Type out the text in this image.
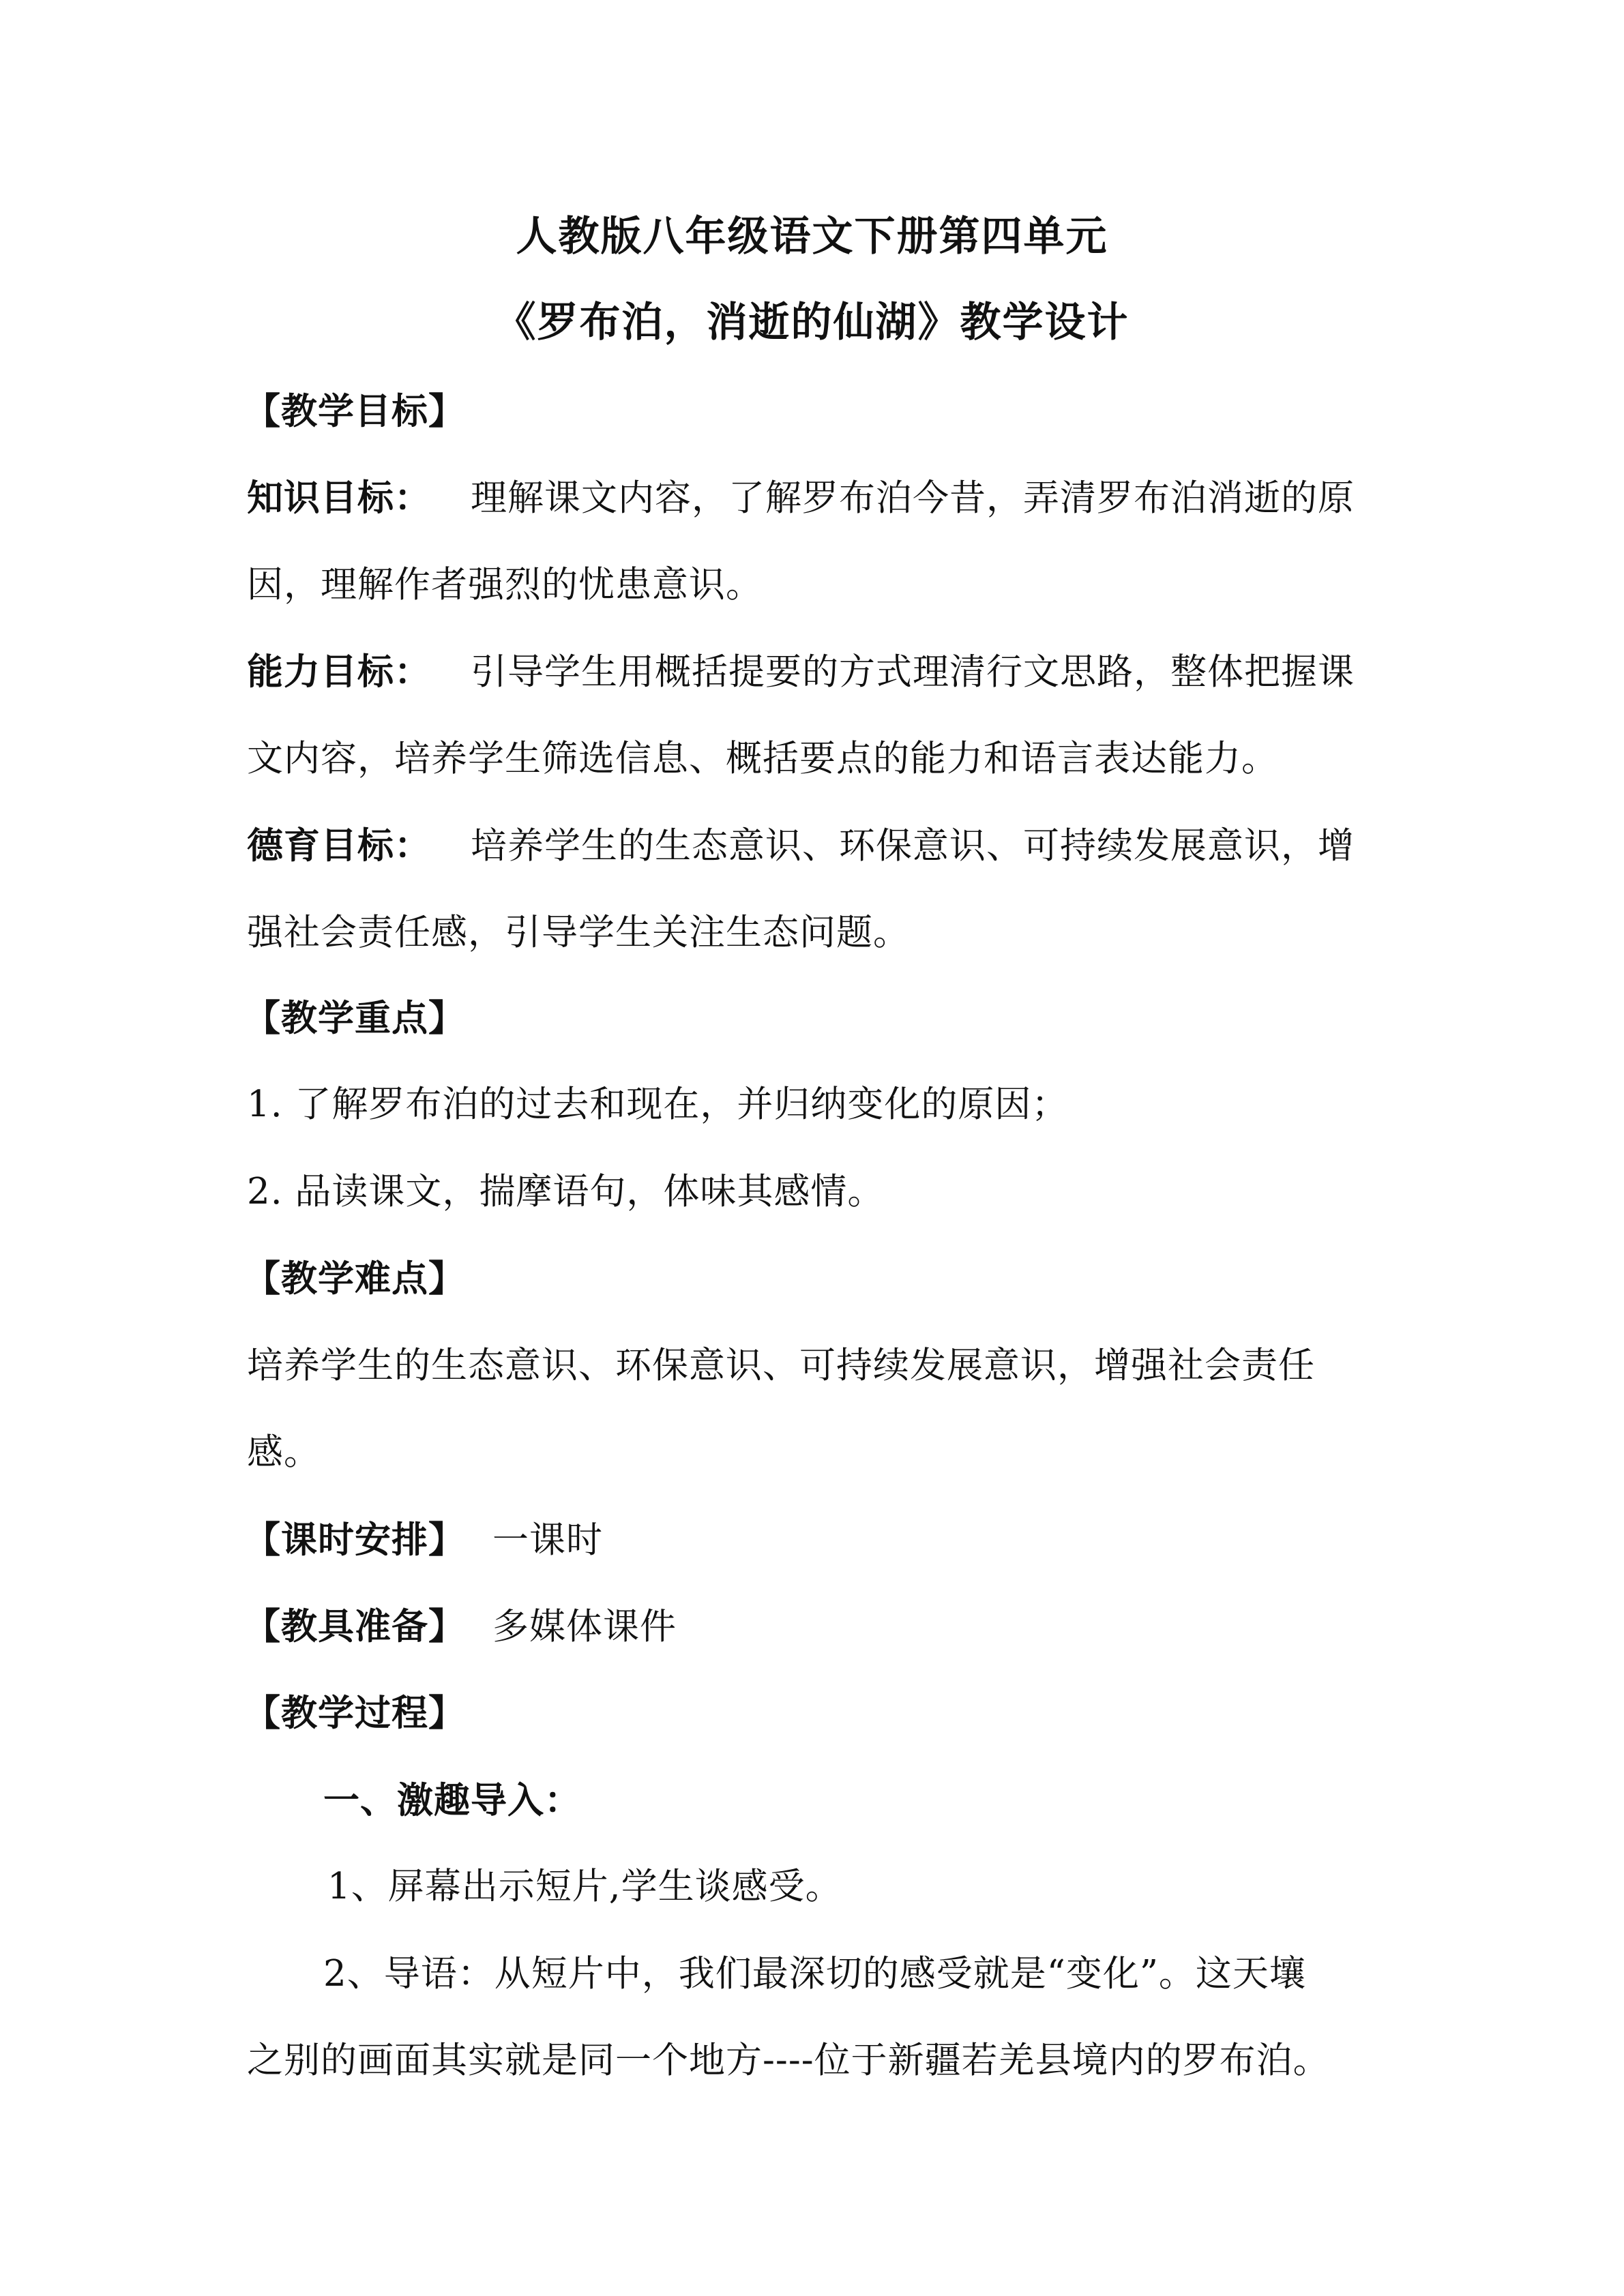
人教版八年级语文下册第四单元
《罗布泊，消逝的仙湖》教学设计
【教学目标】
知识目标： 理解课文内容，了解罗布泊今昔，弄清罗布泊消逝的原
因，理解作者强烈的忧患意识。
能力目标： 引导学生用概括提要的方式理清行文思路，整体把握课
文内容，培养学生筛选信息、概括要点的能力和语言表达能力。
德育目标： 培养学生的生态意识、环保意识、可持续发展意识，增
强社会责任感，引导学生关注生态问题。
【教学重点】
1. 了解罗布泊的过去和现在，并归纳变化的原因；
2. 品读课文，揣摩语句，体味其感情。
【教学难点】
培养学生的生态意识、环保意识、可持续发展意识，增强社会责任
感。
【课时安排】 一课时
【教具准备】 多媒体课件
【教学过程】
一、激趣导入：
1、屏幕出示短片,学生谈感受。
2、导语：从短片中，我们最深切的感受就是“变化”。这天壤
之别的画面其实就是同一个地方----位于新疆若羌县境内的罗布泊。
